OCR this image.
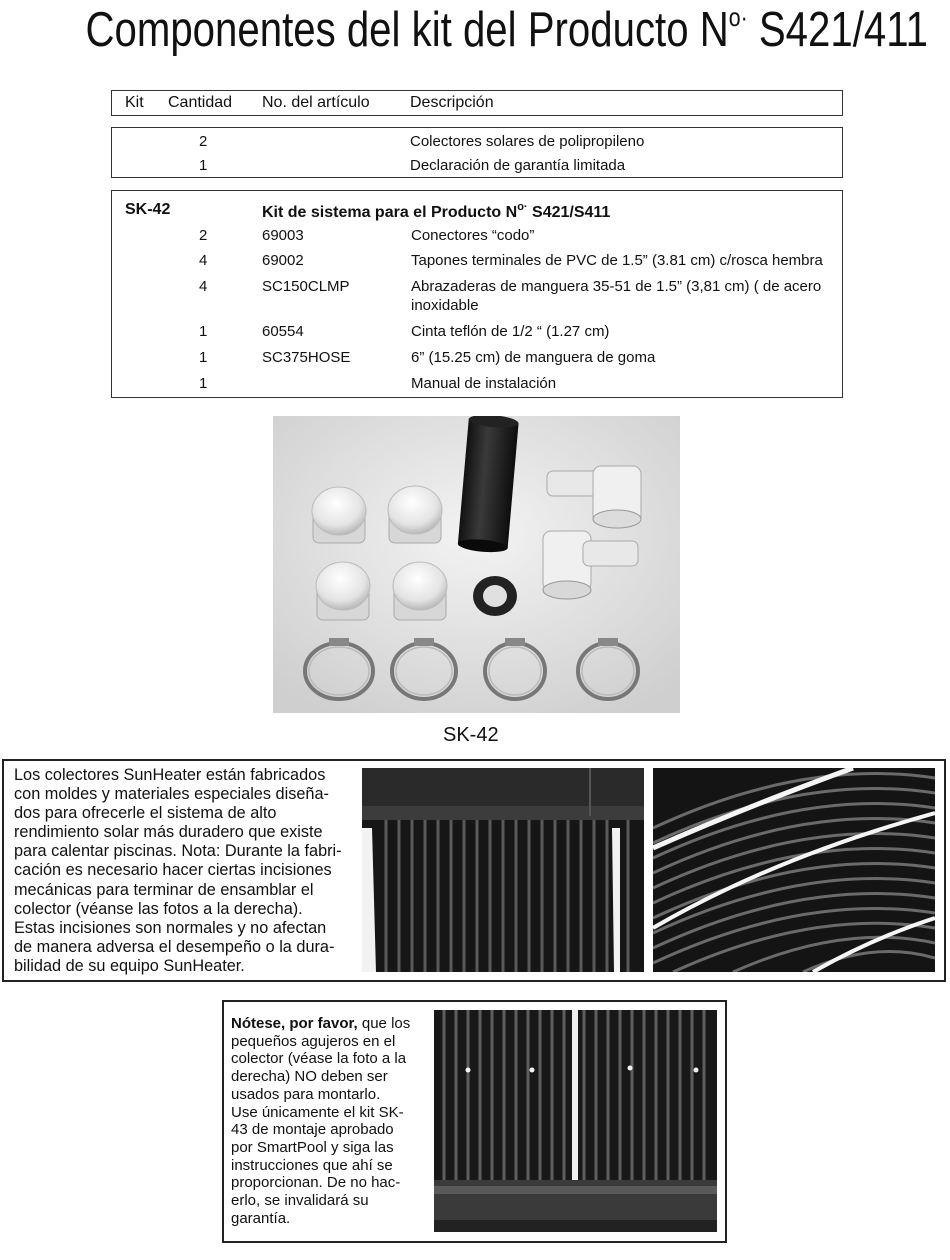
Componentes del kit del Producto $N^{o\cdot}$ S421/411
Kit Cantidad No. del artículo	Descripción
2	Colectores solares de polipropileno
1	Declaración de garantía limitada
SK-42	Kit de sistema para el Producto $N^{o\cdot}$ S421/S411
2	69003	Conectores “codo”
4	69002	Tapones terminales de PVC de 1.5” (3.81 cm) c/rosca hembra
4	SC150CLMP	Abrazaderas de manguera 35-51 de 1.5” (3,81 cm) ( de acero
inoxidable
1	60554	Cinta teflón de 1/2 “ (1.27 cm)
1	SC375HOSE	6” (15.25 cm) de manguera de goma
1	Manual de instalación
SK-42
Los colectores SunHeater están fabricados
con moldes y materiales especiales diseña-
dos para ofrecerle el sistema de alto
rendimiento solar más duradero que existe
para calentar piscinas. Nota: Durante la fabri-
cación es necesario hacer ciertas incisiones
mecánicas para terminar de ensamblar el
colector (véanse las fotos a la derecha).
Estas incisiones son normales y no afectan
de manera adversa el desempeño o la dura-
bilidad de su equipo SunHeater.
Nótese, por favor, que los
pequeños agujeros en el
colector (véase la foto a la
derecha) NO deben ser
usados para montarlo.
Use únicamente el kit SK-
43 de montaje aprobado
por SmartPool y siga las
instrucciones que ahí se
proporcionan. De no hac-
erlo, se invalidará su
garantía.
